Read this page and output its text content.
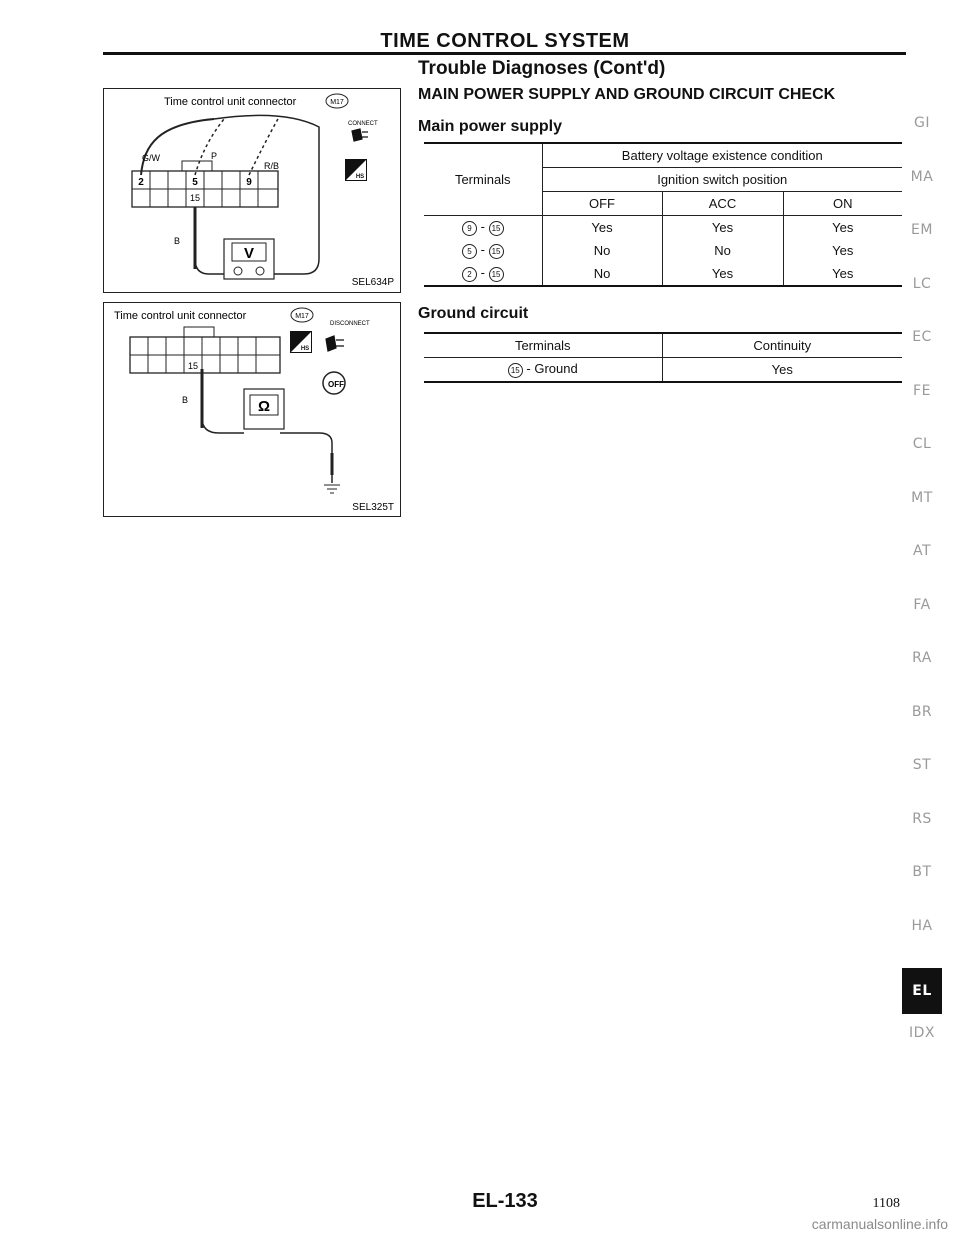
TIME CONTROL SYSTEM
Trouble Diagnoses (Cont'd)
MAIN POWER SUPPLY AND GROUND CIRCUIT CHECK
Time control unit connector	M17
2	5	9
15
G/W	P
R/B
B
V
CONNECT
HS
SEL634P
Time control unit connector	M17
15
B	Ω
DISCONNECT
HS
OFF
SEL325T
Main power supply
Terminals	Battery voltage existence condition		
	Ignition switch position		
	OFF	ACC	ON
9 - 15	Yes	Yes	Yes
5 - 15	No	No	Yes
2 - 15	No	Yes	Yes
Ground circuit
Terminals	Continuity
15 - Ground	Yes
GI
MA
EM
LC
EC
FE
CL
MT
AT
FA
RA
BR
ST
RS
BT
HA
EL
IDX
EL-133	1108
carmanualsonline.info
